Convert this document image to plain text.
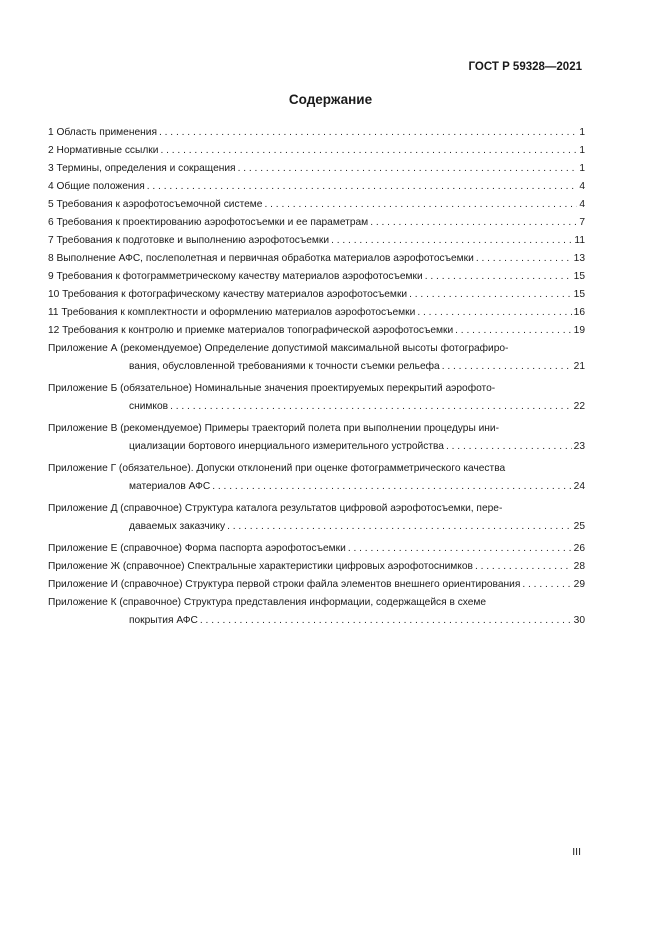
ГОСТ Р 59328—2021
Содержание
1 Область применения . . .	1
2 Нормативные ссылки . . .	1
3 Термины, определения и сокращения . . .	1
4 Общие положения . . .	4
5 Требования к аэрофотосъемочной системе . . .	4
6 Требования к проектированию аэрофотосъемки и ее параметрам . . .	7
7 Требования к подготовке и выполнению аэрофотосъемки . . .	11
8 Выполнение АФС, послеполетная и первичная обработка материалов аэрофотосъемки . . .	13
9 Требования к фотограмметрическому качеству материалов аэрофотосъемки . . .	15
10 Требования к фотографическому качеству материалов аэрофотосъемки . . .	15
11 Требования к комплектности и оформлению материалов аэрофотосъемки . . .	16
12 Требования к контролю и приемке материалов топографической аэрофотосъемки . . .	19
Приложение А (рекомендуемое) Определение допустимой максимальной высоты фотографиро-
вания, обусловленной требованиями к точности съемки рельефа . . .	21
Приложение Б (обязательное) Номинальные значения проектируемых перекрытий аэрофото-
снимков . . .	22
Приложение В (рекомендуемое) Примеры траекторий полета при выполнении процедуры ини-
циализации бортового инерциального измерительного устройства . . .	23
Приложение Г (обязательное). Допуски отклонений при оценке фотограмметрического качества
материалов АФС . . .	24
Приложение Д (справочное) Структура каталога результатов цифровой аэрофотосъемки, пере-
даваемых заказчику . . .	25
Приложение Е (справочное) Форма паспорта аэрофотосъемки . . .	26
Приложение Ж (справочное) Спектральные характеристики цифровых аэрофотоснимков . . .	28
Приложение И (справочное) Структура первой строки файла элементов внешнего ориентирования . . .	29
Приложение К (справочное) Структура представления информации, содержащейся в схеме
покрытия АФС . . .	30
III
